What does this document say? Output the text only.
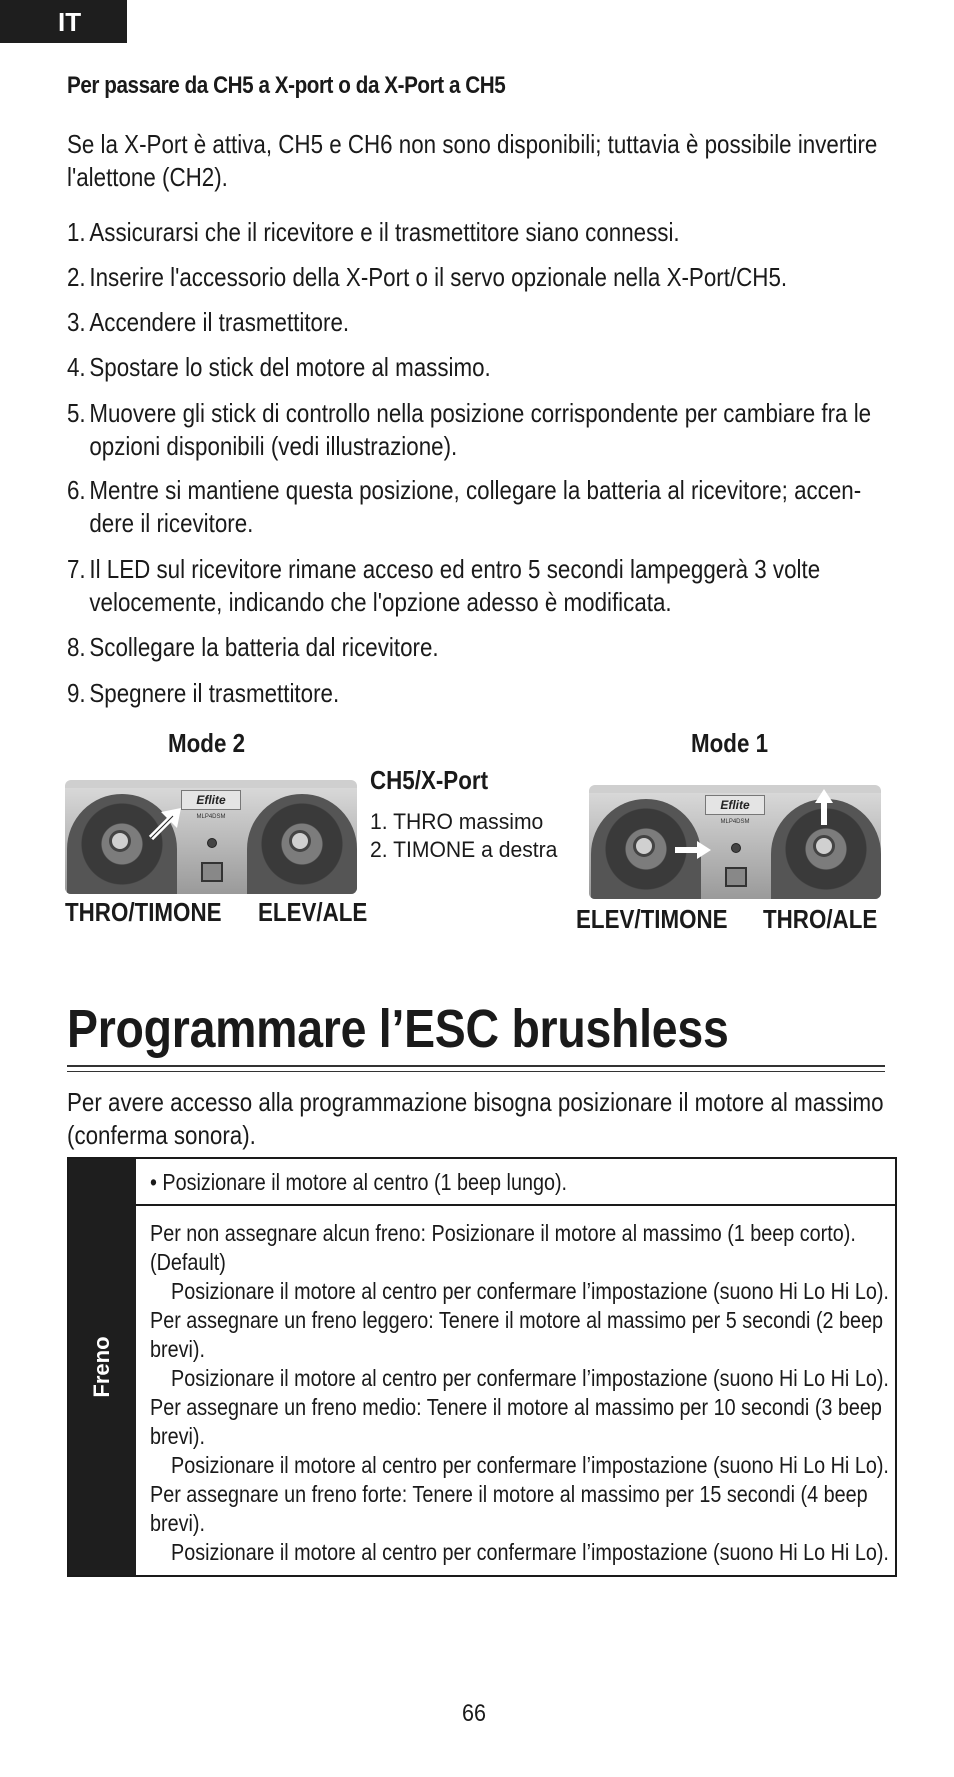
IT
Per passare da CH5 a X-port o da X-Port a CH5
Se la X-Port è attiva, CH5 e CH6 non sono disponibili; tuttavia è possibile invertire
l'alettone (CH2).
1. Assicurarsi che il ricevitore e il trasmettitore siano connessi.
2. Inserire l'accessorio della X-Port o il servo opzionale nella X-Port/CH5.
3. Accendere il trasmettitore.
4. Spostare lo stick del motore al massimo.
5. Muovere gli stick di controllo nella posizione corrispondente per cambiare fra le
opzioni disponibili (vedi illustrazione).
6. Mentre si mantiene questa posizione, collegare la batteria al ricevitore; accen-
dere il ricevitore.
7. Il LED sul ricevitore rimane acceso ed entro 5 secondi lampeggerà 3 volte
velocemente, indicando che l'opzione adesso è modificata.
8. Scollegare la batteria dal ricevitore.
9. Spegnere il trasmettitore.
Mode 2	Mode 1
Eflite
MLP4DSM
THRO/TIMONE ELEV/ALE
CH5/X-Port
1. THRO massimo
2. TIMONE a destra
Eflite
MLP4DSM
ELEV/TIMONE THRO/ALE
Programmare l’ESC brushless
Per avere accesso alla programmazione bisogna posizionare il motore al massimo
(conferma sonora).
Freno
• Posizionare il motore al centro (1 beep lungo).
Per non assegnare alcun freno: Posizionare il motore al massimo (1 beep corto).
(Default)
Posizionare il motore al centro per confermare l’impostazione (suono Hi Lo Hi Lo).
Per assegnare un freno leggero: Tenere il motore al massimo per 5 secondi (2 beep
brevi).
Posizionare il motore al centro per confermare l’impostazione (suono Hi Lo Hi Lo).
Per assegnare un freno medio: Tenere il motore al massimo per 10 secondi (3 beep
brevi).
Posizionare il motore al centro per confermare l’impostazione (suono Hi Lo Hi Lo).
Per assegnare un freno forte: Tenere il motore al massimo per 15 secondi (4 beep
brevi).
Posizionare il motore al centro per confermare l’impostazione (suono Hi Lo Hi Lo).
66
